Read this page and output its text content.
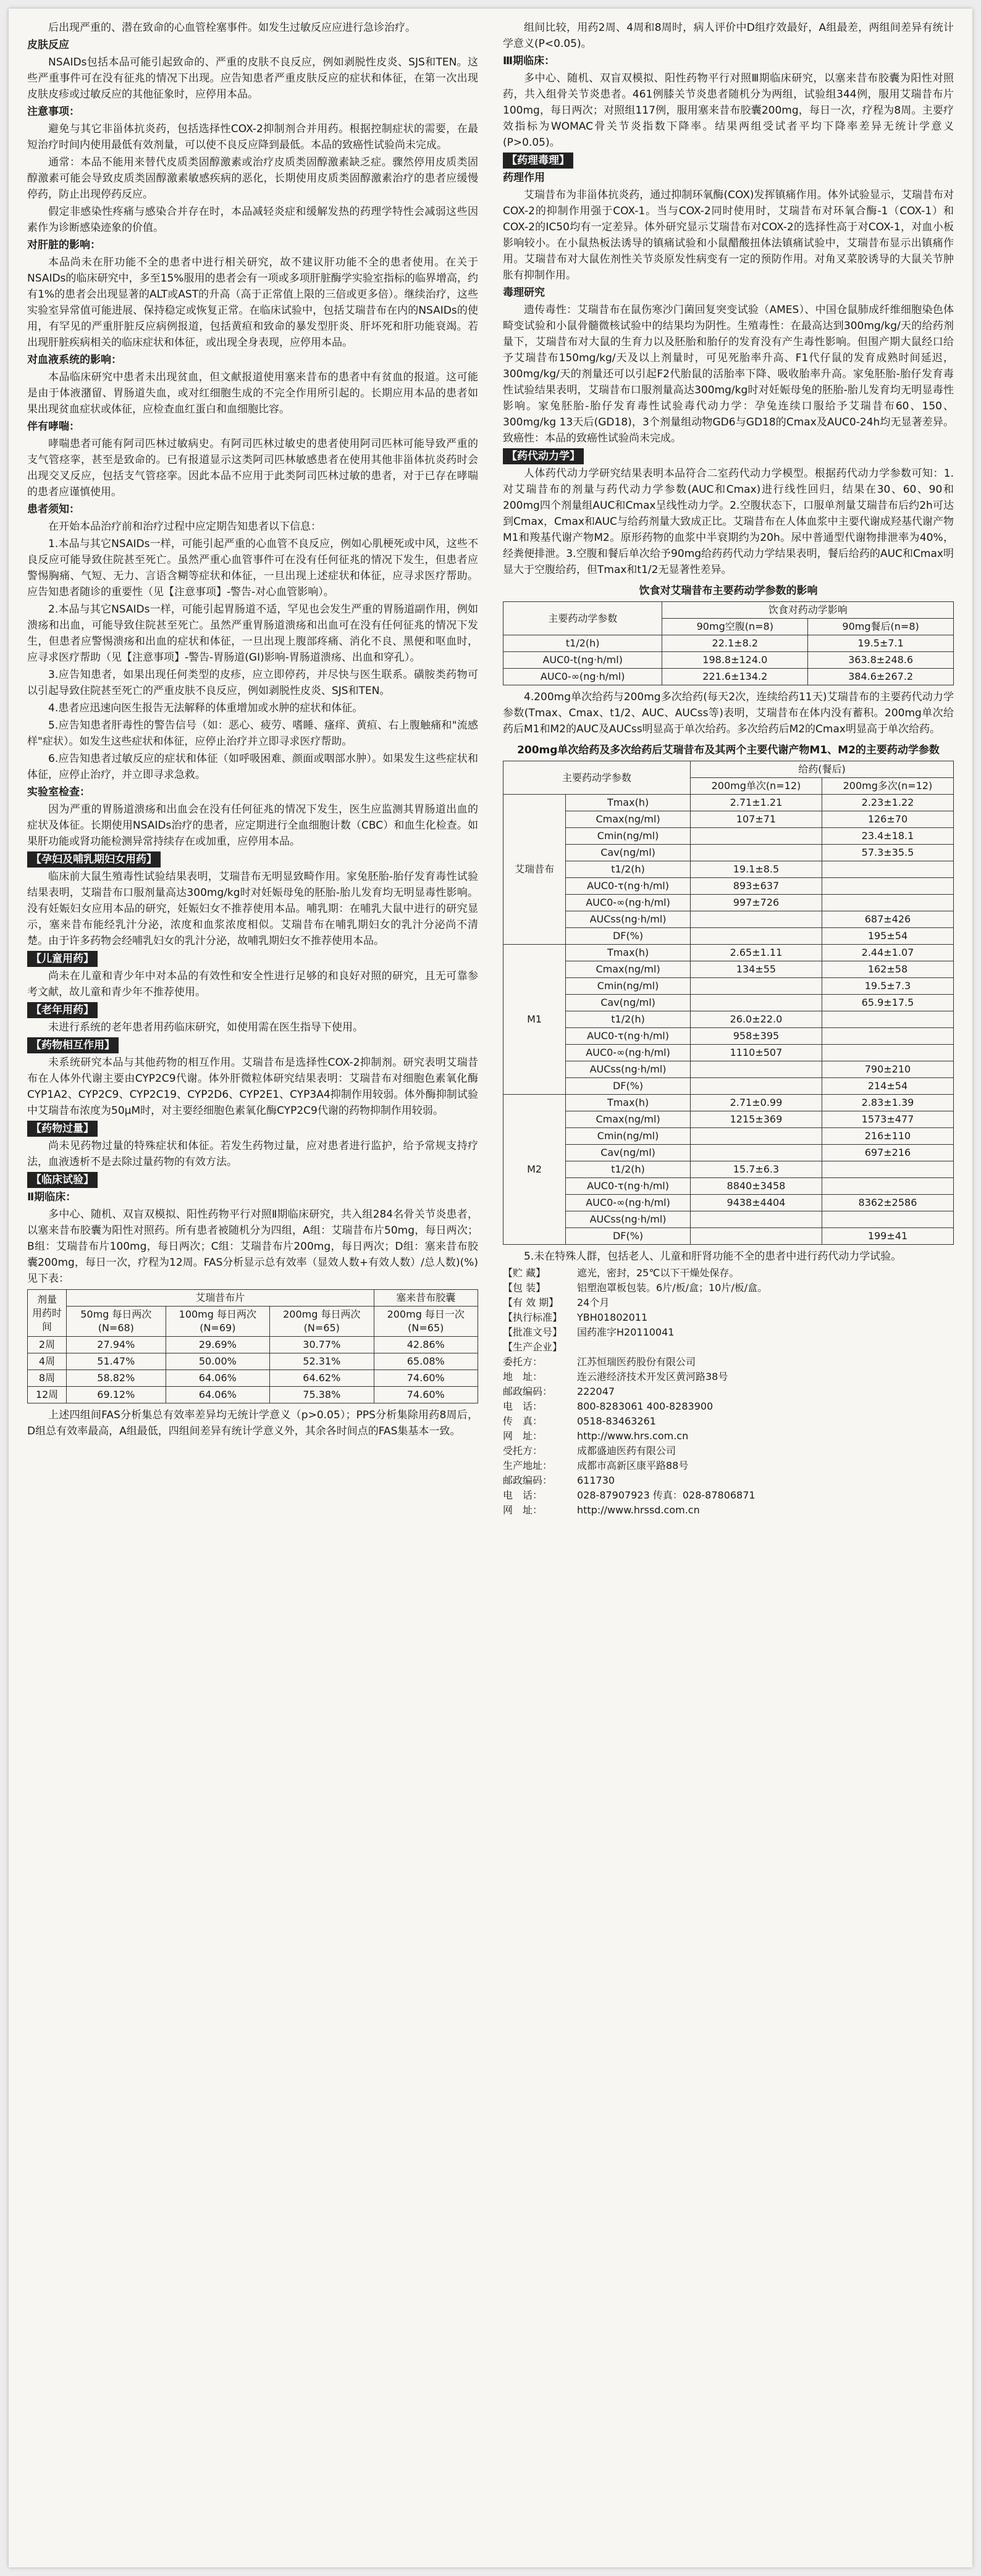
后出现严重的、潜在致命的心血管栓塞事件。如发生过敏反应应进行急诊治疗。

皮肤反应

NSAIDs包括本品可能引起致命的、严重的皮肤不良反应，例如剥脱性皮炎、SJS和TEN。这些严重事件可在没有征兆的情况下出现。应告知患者严重皮肤反应的症状和体征，在第一次出现皮肤皮疹或过敏反应的其他征象时，应停用本品。

注意事项：

避免与其它非甾体抗炎药，包括选择性COX-2抑制剂合并用药。根据控制症状的需要，在最短治疗时间内使用最低有效剂量，可以使不良反应降到最低。本品的致癌性试验尚未完成。

通常：本品不能用来替代皮质类固醇激素或治疗皮质类固醇激素缺乏症。骤然停用皮质类固醇激素可能会导致皮质类固醇激素敏感疾病的恶化，长期使用皮质类固醇激素治疗的患者应缓慢停药，防止出现停药反应。

假定非感染性疼痛与感染合并存在时，本品减轻炎症和缓解发热的药理学特性会减弱这些因素作为诊断感染迹象的价值。

对肝脏的影响：

本品尚未在肝功能不全的患者中进行相关研究，故不建议肝功能不全的患者使用。在关于NSAIDs的临床研究中，多至15%服用的患者会有一项或多项肝脏酶学实验室指标的临界增高，约有1%的患者会出现显著的ALT或AST的升高（高于正常值上限的三倍或更多倍）。继续治疗，这些实验室异常值可能进展、保持稳定或恢复正常。在临床试验中，包括艾瑞昔布在内的NSAIDs的使用，有罕见的严重肝脏反应病例报道，包括黄疸和致命的暴发型肝炎、肝坏死和肝功能衰竭。若出现肝脏疾病相关的临床症状和体征，或出现全身表现，应停用本品。

对血液系统的影响：

本品临床研究中患者未出现贫血，但文献报道使用塞来昔布的患者中有贫血的报道。这可能是由于体液潴留、胃肠道失血，或对红细胞生成的不完全作用所引起的。长期应用本品的患者如果出现贫血症状或体征，应检查血红蛋白和血细胞比容。

伴有哮喘：

哮喘患者可能有阿司匹林过敏病史。有阿司匹林过敏史的患者使用阿司匹林可能导致严重的支气管痉挛，甚至是致命的。已有报道显示这类阿司匹林敏感患者在使用其他非甾体抗炎药时会出现交叉反应，包括支气管痉挛。因此本品不应用于此类阿司匹林过敏的患者，对于已存在哮喘的患者应谨慎使用。

患者须知：

在开始本品治疗前和治疗过程中应定期告知患者以下信息：

1.本品与其它NSAIDs一样，可能引起严重的心血管不良反应，例如心肌梗死或中风，这些不良反应可能导致住院甚至死亡。虽然严重心血管事件可在没有任何征兆的情况下发生，但患者应警惕胸痛、气短、无力、言语含糊等症状和体征，一旦出现上述症状和体征，应寻求医疗帮助。应告知患者随诊的重要性（见【注意事项】-警告-对心血管影响）。

2.本品与其它NSAIDs一样，可能引起胃肠道不适，罕见也会发生严重的胃肠道副作用，例如溃疡和出血，可能导致住院甚至死亡。虽然严重胃肠道溃疡和出血可在没有任何征兆的情况下发生，但患者应警惕溃疡和出血的症状和体征，一旦出现上腹部疼痛、消化不良、黑便和呕血时，应寻求医疗帮助（见【注意事项】-警告-胃肠道(GI)影响-胃肠道溃疡、出血和穿孔）。

3.应告知患者，如果出现任何类型的皮疹，应立即停药，并尽快与医生联系。磺胺类药物可以引起导致住院甚至死亡的严重皮肤不良反应，例如剥脱性皮炎、SJS和TEN。

4.患者应迅速向医生报告无法解释的体重增加或水肿的症状和体征。

5.应告知患者肝毒性的警告信号（如：恶心、疲劳、嗜睡、瘙痒、黄疸、右上腹触痛和"流感样"症状）。如发生这些症状和体征，应停止治疗并立即寻求医疗帮助。

6.应告知患者过敏反应的症状和体征（如呼吸困难、颜面或咽部水肿）。如果发生这些症状和体征，应停止治疗，并立即寻求急救。

实验室检查：

因为严重的胃肠道溃疡和出血会在没有任何征兆的情况下发生，医生应监测其胃肠道出血的症状及体征。长期使用NSAIDs治疗的患者，应定期进行全血细胞计数（CBC）和血生化检查。如果肝功能或肾功能检测异常持续存在或加重，应停用本品。

【孕妇及哺乳期妇女用药】

临床前大鼠生殖毒性试验结果表明，艾瑞昔布无明显致畸作用。家兔胚胎-胎仔发育毒性试验结果表明，艾瑞昔布口服剂量高达300mg/kg时对妊娠母兔的胚胎-胎儿发育均无明显毒性影响。没有妊娠妇女应用本品的研究，妊娠妇女不推荐使用本品。哺乳期：在哺乳大鼠中进行的研究显示，塞来昔布能经乳汁分泌，浓度和血浆浓度相似。艾瑞昔布在哺乳期妇女的乳汁分泌尚不清楚。由于许多药物会经哺乳妇女的乳汁分泌，故哺乳期妇女不推荐使用本品。

【儿童用药】

尚未在儿童和青少年中对本品的有效性和安全性进行足够的和良好对照的研究，且无可靠参考文献，故儿童和青少年不推荐使用。

【老年用药】

未进行系统的老年患者用药临床研究，如使用需在医生指导下使用。

【药物相互作用】

未系统研究本品与其他药物的相互作用。艾瑞昔布是选择性COX-2抑制剂。研究表明艾瑞昔布在人体外代谢主要由CYP2C9代谢。体外肝微粒体研究结果表明：艾瑞昔布对细胞色素氧化酶CYP1A2、CYP2C9、CYP2C19、CYP2D6、CYP2E1、CYP3A4抑制作用较弱。体外酶抑制试验中艾瑞昔布浓度为50μM时，对主要经细胞色素氧化酶CYP2C9代谢的药物抑制作用较弱。

【药物过量】

尚未见药物过量的特殊症状和体征。若发生药物过量，应对患者进行监护，给予常规支持疗法，血液透析不是去除过量药物的有效方法。

【临床试验】
Ⅱ期临床：

多中心、随机、双盲双模拟、阳性药物平行对照Ⅱ期临床研究，共入组284名骨关节炎患者，以塞来昔布胶囊为阳性对照药。所有患者被随机分为四组，A组：艾瑞昔布片50mg，每日两次；B组：艾瑞昔布片100mg，每日两次；C组：艾瑞昔布片200mg，每日两次；D组：塞来昔布胶囊200mg，每日一次，疗程为12周。FAS分析显示总有效率（显效人数+有效人数）/总人数)(%)见下表：

剂量
用药时间	艾瑞昔布片			塞来昔布胶囊
	50mg 每日两次 (N=68)	100mg 每日两次 (N=69)	200mg 每日两次 (N=65)	200mg 每日一次 (N=65)
2周	27.94%	29.69%	30.77%	42.86%
4周	51.47%	50.00%	52.31%	65.08%
8周	58.82%	64.06%	64.62%	74.60%
12周	69.12%	64.06%	75.38%	74.60%

上述四组间FAS分析集总有效率差异均无统计学意义（p>0.05）；PPS分析集除用药8周后，D组总有效率最高，A组最低，四组间差异有统计学意义外，其余各时间点的FAS集基本一致。

组间比较，用药2周、4周和8周时，病人评价中D组疗效最好，A组最差，两组间差异有统计学意义(P<0.05)。

Ⅲ期临床：

多中心、随机、双盲双模拟、阳性药物平行对照Ⅲ期临床研究，以塞来昔布胶囊为阳性对照药，共入组骨关节炎患者。461例膝关节炎患者随机分为两组，试验组344例，服用艾瑞昔布片100mg，每日两次；对照组117例，服用塞来昔布胶囊200mg，每日一次，疗程为8周。主要疗效指标为WOMAC骨关节炎指数下降率。结果两组受试者平均下降率差异无统计学意义(P>0.05)。

【药理毒理】
药理作用

艾瑞昔布为非甾体抗炎药，通过抑制环氧酶(COX)发挥镇痛作用。体外试验显示，艾瑞昔布对COX-2的抑制作用强于COX-1。当与COX-2同时使用时，艾瑞昔布对环氧合酶-1（COX-1）和COX-2的IC50均有一定差异。体外研究显示艾瑞昔布对COX-2的选择性高于对COX-1，对血小板影响较小。在小鼠热板法诱导的镇痛试验和小鼠醋酸扭体法镇痛试验中，艾瑞昔布显示出镇痛作用。艾瑞昔布对大鼠佐剂性关节炎原发性病变有一定的预防作用。对角叉菜胶诱导的大鼠关节肿胀有抑制作用。

毒理研究

遗传毒性：艾瑞昔布在鼠伤寒沙门菌回复突变试验（AMES）、中国仓鼠肺成纤维细胞染色体畸变试验和小鼠骨髓微核试验中的结果均为阴性。生殖毒性：在最高达到300mg/kg/天的给药剂量下，艾瑞昔布对大鼠的生育力以及胚胎和胎仔的发育没有产生毒性影响。但围产期大鼠经口给予艾瑞昔布150mg/kg/天及以上剂量时，可见死胎率升高、F1代仔鼠的发育成熟时间延迟，300mg/kg/天的剂量还可以引起F2代胎鼠的活胎率下降、吸收胎率升高。家兔胚胎-胎仔发育毒性试验结果表明，艾瑞昔布口服剂量高达300mg/kg时对妊娠母兔的胚胎-胎儿发育均无明显毒性影响。家兔胚胎-胎仔发育毒性试验毒代动力学：孕兔连续口服给予艾瑞昔布60、150、300mg/kg 13天后(GD18)，3个剂量组动物GD6与GD18的Cmax及AUC0-24h均无显著差异。致癌性：本品的致癌性试验尚未完成。

【药代动力学】

人体药代动力学研究结果表明本品符合二室药代动力学模型。根据药代动力学参数可知：1.对艾瑞昔布的剂量与药代动力学参数(AUC和Cmax)进行线性回归，结果在30、60、90和200mg四个剂量组AUC和Cmax呈线性动力学。2.空腹状态下，口服单剂量艾瑞昔布后约2h可达到Cmax，Cmax和AUC与给药剂量大致成正比。艾瑞昔布在人体血浆中主要代谢成羟基代谢产物M1和羧基代谢产物M2。原形药物的血浆中半衰期约为20h。尿中普通型代谢物排泄率为40%，经粪便排泄。3.空腹和餐后单次给予90mg给药药代动力学结果表明，餐后给药的AUC和Cmax明显大于空腹给药，但Tmax和t1/2无显著性差异。

饮食对艾瑞昔布主要药动学参数的影响
主要药动学参数	饮食对药动学影响	
	90mg空腹(n=8)	90mg餐后(n=8)
t1/2(h)	22.1±8.2	19.5±7.1
AUC0-t(ng·h/ml)	198.8±124.0	363.8±248.6
AUC0-∞(ng·h/ml)	221.6±134.2	384.6±267.2

4.200mg单次给药与200mg多次给药(每天2次，连续给药11天)艾瑞昔布的主要药代动力学参数(Tmax、Cmax、t1/2、AUC、AUCss等)表明，艾瑞昔布在体内没有蓄积。200mg单次给药后M1和M2的AUC及AUCss明显高于单次给药。多次给药后M2的Cmax明显高于单次给药。

200mg单次给药及多次给药后艾瑞昔布及其两个主要代谢产物M1、M2的主要药动学参数
主要药动学参数		给药(餐后)	
		200mg单次(n=12)	200mg多次(n=12)
艾瑞昔布	Tmax(h)	2.71±1.21	2.23±1.22
	Cmax(ng/ml)	107±71	126±70
	Cmin(ng/ml)		23.4±18.1
	Cav(ng/ml)		57.3±35.5
	t1/2(h)	19.1±8.5	
	AUC0-τ(ng·h/ml)	893±637	
	AUC0-∞(ng·h/ml)	997±726	
	AUCss(ng·h/ml)		687±426
	DF(%)		195±54
M1	Tmax(h)	2.65±1.11	2.44±1.07
	Cmax(ng/ml)	134±55	162±58
	Cmin(ng/ml)		19.5±7.3
	Cav(ng/ml)		65.9±17.5
	t1/2(h)	26.0±22.0	
	AUC0-τ(ng·h/ml)	958±395	
	AUC0-∞(ng·h/ml)	1110±507	
	AUCss(ng·h/ml)		790±210
	DF(%)		214±54
M2	Tmax(h)	2.71±0.99	2.83±1.39
	Cmax(ng/ml)	1215±369	1573±477
	Cmin(ng/ml)		216±110
	Cav(ng/ml)		697±216
	t1/2(h)	15.7±6.3	
	AUC0-τ(ng·h/ml)	8840±3458	
	AUC0-∞(ng·h/ml)	9438±4404	8362±2586
	AUCss(ng·h/ml)		
	DF(%)		199±41

5.未在特殊人群，包括老人、儿童和肝肾功能不全的患者中进行药代动力学试验。

【贮 藏】	遮光，密封，25℃以下干燥处保存。

【包 装】	铝塑泡罩板包装。6片/板/盒；10片/板/盒。

【有 效 期】 24个月

【执行标准】 YBH01802011

【批准文号】 国药准字H20110041

【生产企业】

委托方：	江苏恒瑞医药股份有限公司

地　址：	连云港经济技术开发区黄河路38号

邮政编码： 222047

电　话：	800-8283061 400-8283900

传　真：	0518-83463261

网　址：	http://www.hrs.com.cn

受托方：	成都盛迪医药有限公司

生产地址： 成都市高新区康平路88号

邮政编码： 611730

电　话：	028-87907923 传真：028-87806871

网　址：	http://www.hrssd.com.cn
